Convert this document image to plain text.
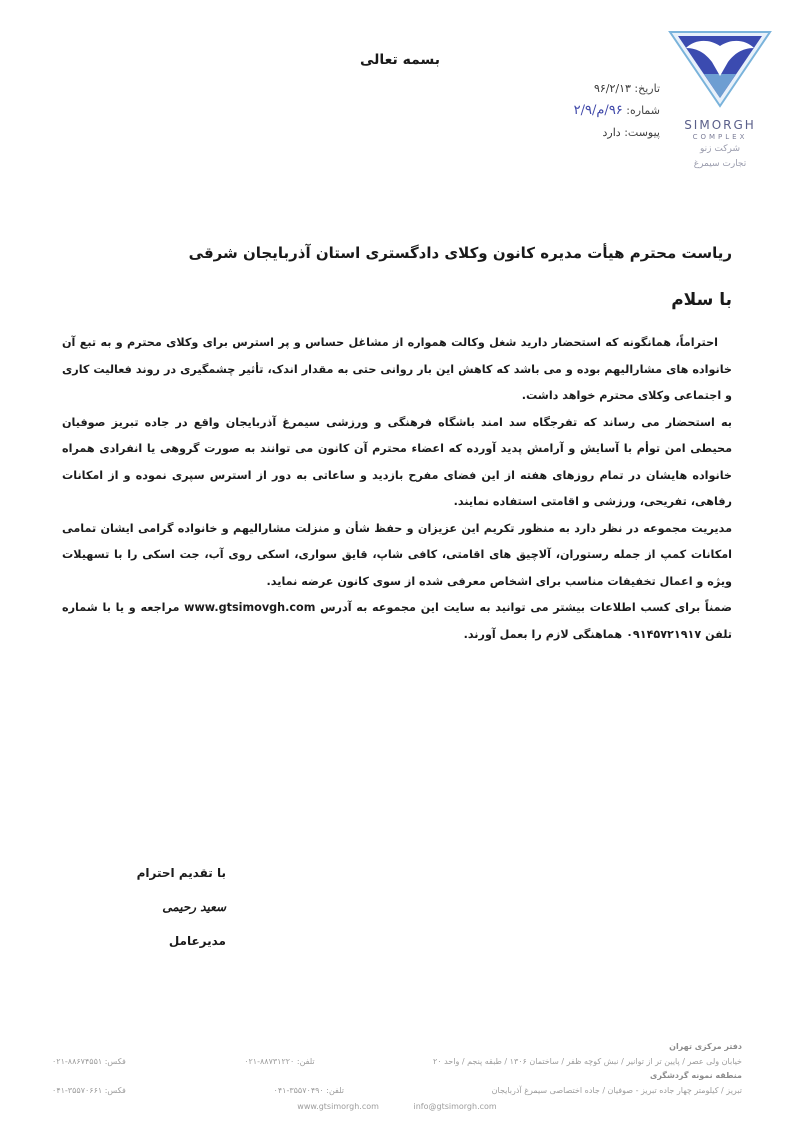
SIMORGH
COMPLEX
شرکت زنو
تجارت سیمرغ
بسمه تعالی
تاریخ: ۹۶/۲/۱۳
شماره: ۹۶/م/۲/۹
پیوست: دارد
ریاست محترم هیأت مدیره کانون وکلای دادگستری استان آذربایجان شرقی
با سلام

احتراماً، همانگونه که استحضار دارید شغل وکالت همواره از مشاغل حساس و پر استرس برای وکلای محترم و به تبع آن خانواده های مشارالیهم بوده و می باشد که کاهش این بار روانی حتی به مقدار اندک، تأثیر چشمگیری در روند فعالیت کاری و اجتماعی وکلای محترم خواهد داشت.

به استحضار می رساند که تفرجگاه سد امند باشگاه فرهنگی و ورزشی سیمرغ آذربایجان واقع در جاده تبریز صوفیان محیطی امن توأم با آسایش و آرامش پدید آورده که اعضاء محترم آن کانون می توانند به صورت گروهی یا انفرادی همراه خانواده هایشان در تمام روزهای هفته از این فضای مفرح بازدید و ساعاتی به دور از استرس سپری نموده و از امکانات رفاهی، تفریحی، ورزشی و اقامتی استفاده نمایند.

مدیریت مجموعه در نظر دارد به منظور تکریم این عزیزان و حفظ شأن و منزلت مشارالیهم و خانواده گرامی ایشان تمامی امکانات کمپ از جمله رستوران، آلاچیق های اقامتی، کافی شاپ، قایق سواری، اسکی روی آب، جت اسکی را با تسهیلات ویژه و اعمال تخفیفات مناسب برای اشخاص معرفی شده از سوی کانون عرضه نماید.

ضمناً برای کسب اطلاعات بیشتر می توانید به سایت این مجموعه به آدرس www.gtsimovgh.com مراجعه و یا با شماره تلفن ۰۹۱۴۵۷۲۱۹۱۷ هماهنگی لازم را بعمل آورند.

با تقدیم احترام
سعید رحیمی
مدیرعامل
دفتر مرکزی تهران
خیابان ولی عصر / پایین تر از توانیر / نبش کوچه ظفر / ساختمان ۱۳۰۶ / طبقه پنجم / واحد ۲۰
تلفن: ۸۸۷۳۱۲۲۰-۰۲۱
فکس: ۸۸۶۷۴۵۵۱-۰۲۱
منطقه نمونه گردشگری
تبریز / کیلومتر چهار جاده تبریز - صوفیان / جاده اختصاصی سیمرغ آذربایجان
تلفن: ۳۵۵۷۰۴۹۰-۰۴۱
فکس: ۳۵۵۷۰۶۶۱-۰۴۱
www.gtsimorgh.com	info@gtsimorgh.com
